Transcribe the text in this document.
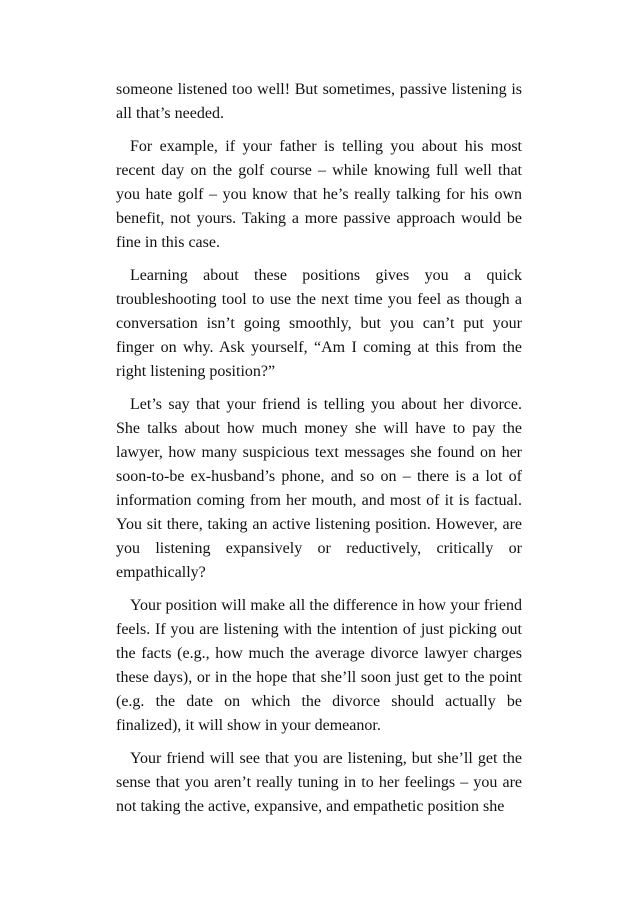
someone listened too well! But sometimes, passive listening is all that’s needed.

For example, if your father is telling you about his most recent day on the golf course – while knowing full well that you hate golf – you know that he’s really talking for his own benefit, not yours. Taking a more passive approach would be fine in this case.

Learning about these positions gives you a quick troubleshooting tool to use the next time you feel as though a conversation isn’t going smoothly, but you can’t put your finger on why. Ask yourself, “Am I coming at this from the right listening position?”

Let’s say that your friend is telling you about her divorce. She talks about how much money she will have to pay the lawyer, how many suspicious text messages she found on her soon-to-be ex-husband’s phone, and so on – there is a lot of information coming from her mouth, and most of it is factual. You sit there, taking an active listening position. However, are you listening expansively or reductively, critically or empathically?

Your position will make all the difference in how your friend feels. If you are listening with the intention of just picking out the facts (e.g., how much the average divorce lawyer charges these days), or in the hope that she’ll soon just get to the point (e.g. the date on which the divorce should actually be finalized), it will show in your demeanor.

Your friend will see that you are listening, but she’ll get the sense that you aren’t really tuning in to her feelings – you are not taking the active, expansive, and empathetic position she
